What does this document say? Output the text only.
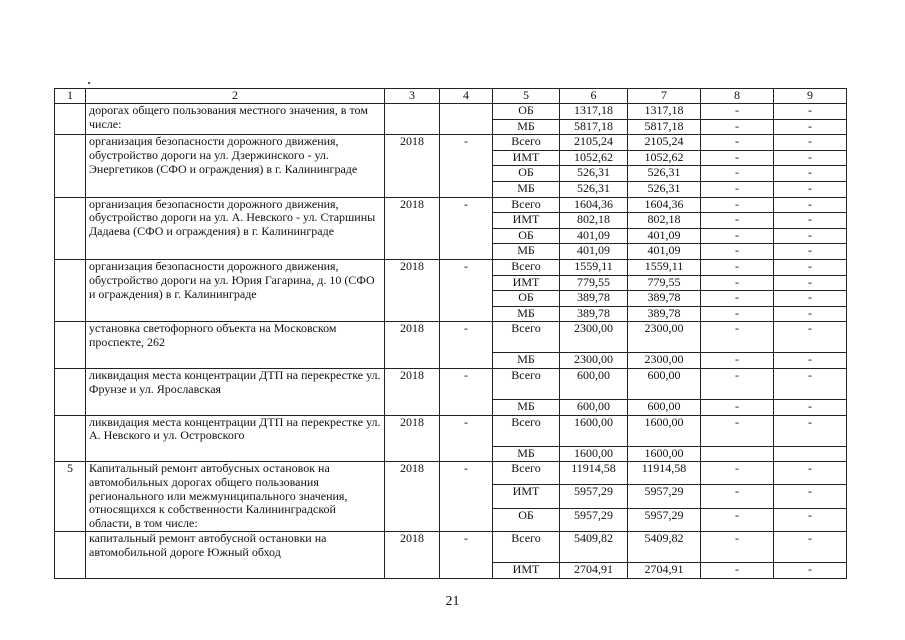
1	2	3	4	5	6	7	8	9
	дорогах общего пользования местного значения, в том числе:			ОБ	1317,18	1317,18	-	-
				МБ	5817,18	5817,18	-	-
	организация безопасности дорожного движения, обустройство дороги на ул. Дзержинского - ул. Энергетиков (СФО и ограждения) в г. Калининграде	2018	-	Всего	2105,24	2105,24	-	-
				ИМТ	1052,62	1052,62	-	-
				ОБ	526,31	526,31	-	-
				МБ	526,31	526,31	-	-
	организация безопасности дорожного движения, обустройство дороги на ул. А. Невского - ул. Старшины Дадаева (СФО и ограждения) в г. Калининграде	2018	-	Всего	1604,36	1604,36	-	-
				ИМТ	802,18	802,18	-	-
				ОБ	401,09	401,09	-	-
				МБ	401,09	401,09	-	-
	организация безопасности дорожного движения, обустройство дороги на ул. Юрия Гагарина, д. 10 (СФО и ограждения) в г. Калининграде	2018	-	Всего	1559,11	1559,11	-	-
				ИМТ	779,55	779,55	-	-
				ОБ	389,78	389,78	-	-
				МБ	389,78	389,78	-	-
	установка светофорного объекта на Московском проспекте, 262	2018	-	Всего	2300,00	2300,00	-	-
				МБ	2300,00	2300,00	-	-
	ликвидация места концентрации ДТП на перекрестке ул. Фрунзе и ул. Ярославская	2018	-	Всего	600,00	600,00	-	-
				МБ	600,00	600,00	-	-
	ликвидация места концентрации ДТП на перекрестке ул. А. Невского и ул. Островского	2018	-	Всего	1600,00	1600,00	-	-
				МБ	1600,00	1600,00		
5	Капитальный ремонт автобусных остановок на автомобильных дорогах общего пользования регионального или межмуниципального значения, относящихся к собственности Калининградской области, в том числе:	2018	-	Всего	11914,58	11914,58	-	-
				ИМТ	5957,29	5957,29	-	-
				ОБ	5957,29	5957,29	-	-
	капитальный ремонт автобусной остановки на автомобильной дороге Южный обход	2018	-	Всего	5409,82	5409,82	-	-
				ИМТ	2704,91	2704,91	-	-
21
